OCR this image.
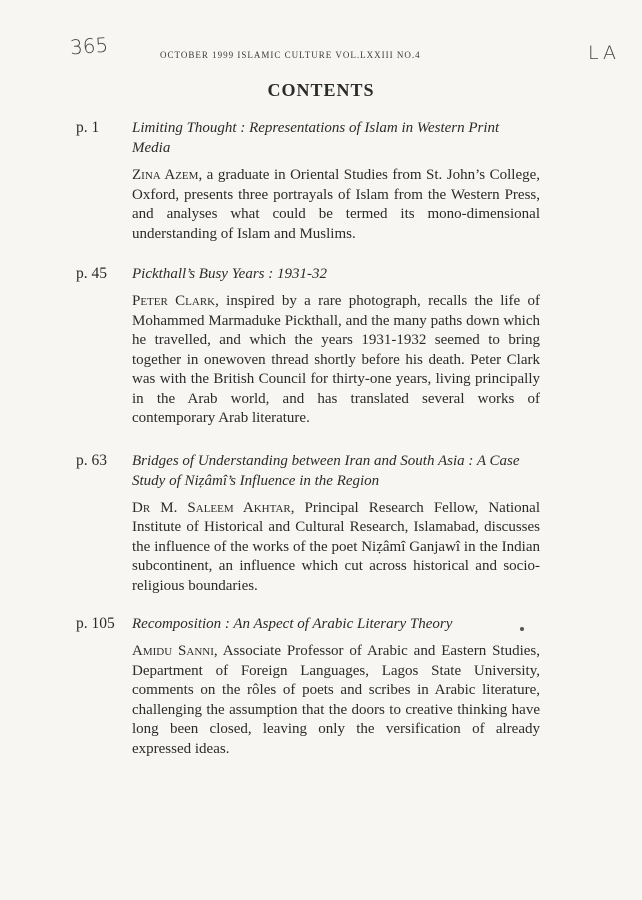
365	LA
OCTOBER 1999 ISLAMIC CULTURE VOL.LXXIII NO.4
CONTENTS
p. 1	Limiting Thought : Representations of Islam in Western Print Media

Zina Azem, a graduate in Oriental Studies from St. John’s College, Oxford, presents three portrayals of Islam from the Western Press, and analyses what could be termed its mono-dimensional understanding of Islam and Muslims.

p. 45	Pickthall’s Busy Years : 1931-32

Peter Clark, inspired by a rare photograph, recalls the life of Mohammed Marmaduke Pickthall, and the many paths down which he travelled, and which the years 1931-1932 seemed to bring together in onewoven thread shortly before his death. Peter Clark was with the British Council for thirty-one years, living principally in the Arab world, and has translated several works of contemporary Arab literature.

p. 63	Bridges of Understanding between Iran and South Asia : A Case Study of Niẓâmî’s Influence in the Region

Dr M. Saleem Akhtar, Principal Research Fellow, National Institute of Historical and Cultural Research, Islamabad, discusses the influence of the works of the poet Niẓâmî Ganjawî in the Indian subcontinent, an influence which cut across historical and socio-religious boundaries.

p. 105	Recomposition : An Aspect of Arabic Literary Theory

Amidu Sanni, Associate Professor of Arabic and Eastern Studies, Department of Foreign Languages, Lagos State University, comments on the rôles of poets and scribes in Arabic literature, challenging the assumption that the doors to creative thinking have long been closed, leaving only the versification of already expressed ideas.
